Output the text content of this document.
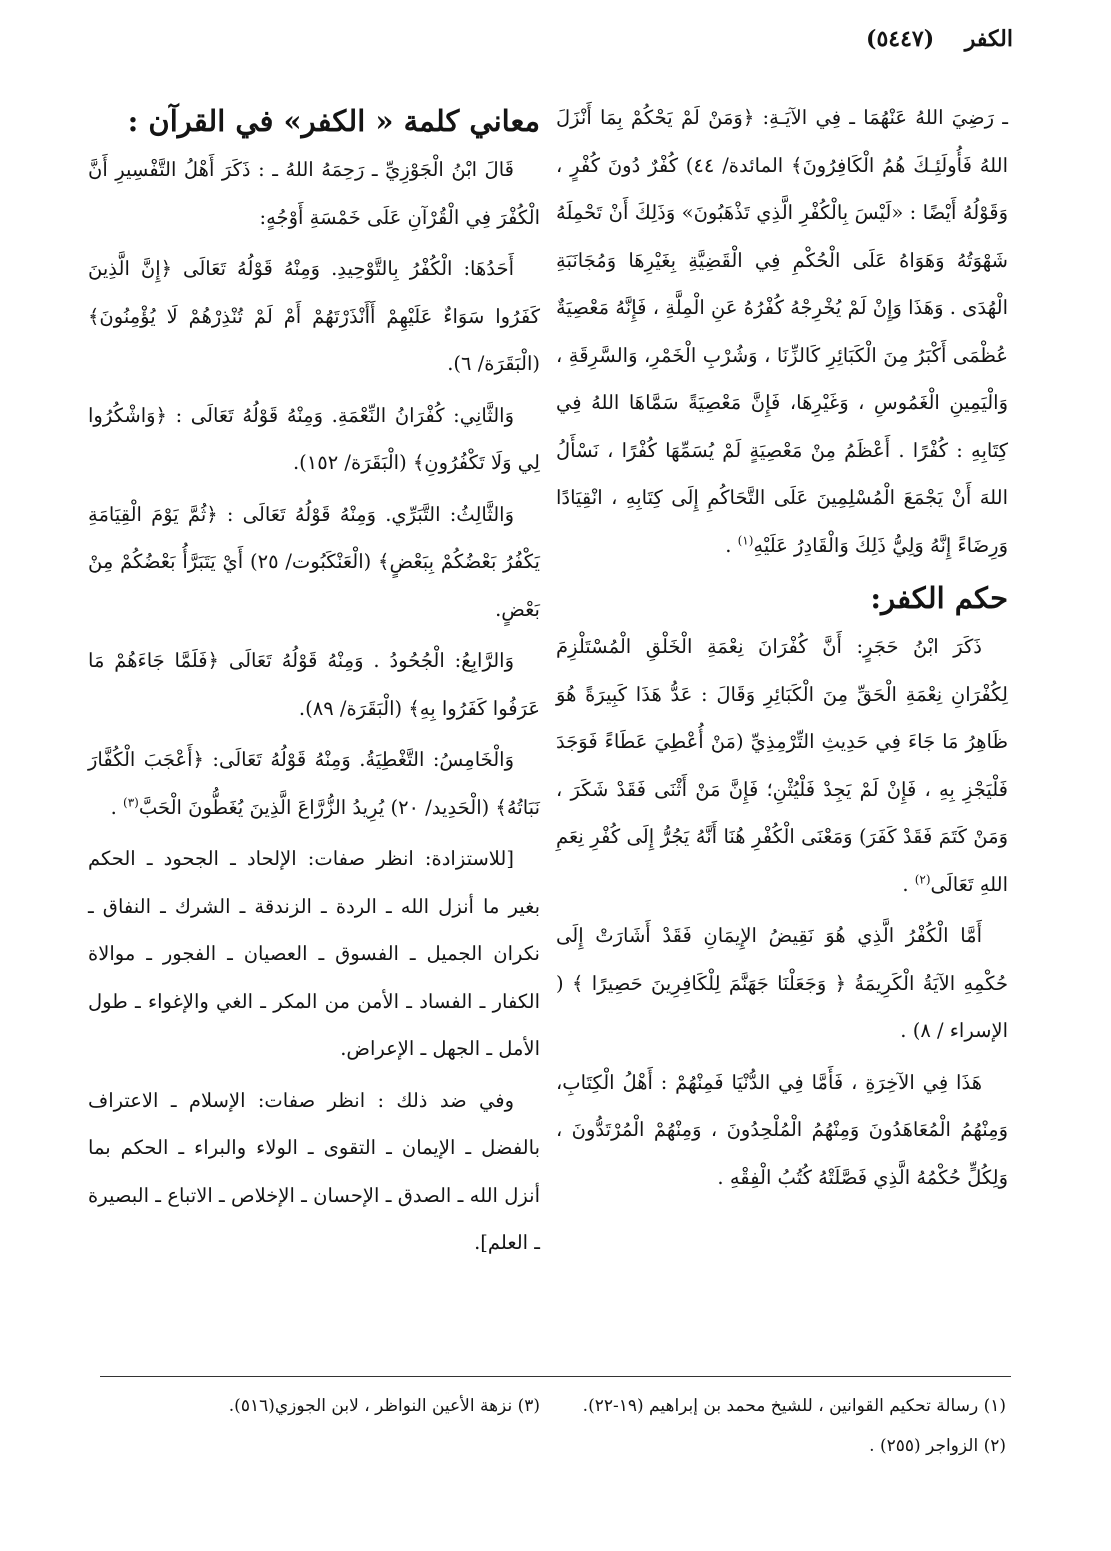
الكفر    (٥٤٤٧)

ـ رَضِيَ اللهُ عَنْهُمَا ـ فِي الآيَـةِ: ﴿وَمَنْ لَمْ يَحْكُمْ بِمَا أَنْزَلَ اللهُ فَأُولَئِـكَ هُمُ الْكَافِرُونَ﴾ المائدة/ ٤٤) كُفْرٌ دُونَ كُفْرٍ ، وَقَوْلُهُ أَيْضًا : «لَيْسَ بِالْكُفْرِ الَّذِي تَذْهَبُونَ» وَذَلِكَ أَنْ تَحْمِلَهُ شَهْوَتُهُ وَهَوَاهُ عَلَى الْحُكْمِ فِي الْقَضِيَّةِ بِغَيْرِهَا وَمُجَانَبَةِ الْهُدَى . وَهَذَا وَإِنْ لَمْ يُخْرِجْهُ كُفْرُهُ عَنِ الْمِلَّةِ ، فَإِنَّهُ مَعْصِيَةٌ عُظْمَى أَكْبَرُ مِنَ الْكَبَائِرِ كَالزِّنَا ، وَشُرْبِ الْخَمْرِ، وَالسَّرِقَةِ ، وَالْيَمِينِ الْغَمُوسِ ، وَغَيْرِهَا، فَإِنَّ مَعْصِيَةً سَمَّاهَا اللهُ فِي كِتَابِهِ : كُفْرًا . أَعْظَمُ مِنْ مَعْصِيَةٍ لَمْ يُسَمِّهَا كُفْرًا ، نَسْأَلُ اللهَ أَنْ يَجْمَعَ الْمُسْلِمِينَ عَلَى التَّحَاكُمِ إِلَى كِتَابِهِ ، انْقِيَادًا وَرِضَاءً إِنَّهُ وَلِيُّ ذَلِكَ وَالْقَادِرُ عَلَيْهِ$^{(١)}$ .

حكم الكفر:

ذَكَرَ ابْنُ حَجَرٍ: أَنَّ كُفْرَانَ نِعْمَةِ الْخَلْقِ الْمُسْتَلْزِمَ لِكُفْرَانِ نِعْمَةِ الْحَقِّ مِنَ الْكَبَائِرِ وَقَالَ : عَدُّ هَذَا كَبِيرَةً هُوَ ظَاهِرُ مَا جَاءَ فِي حَدِيثِ التِّرْمِذِيِّ (مَنْ أُعْطِيَ عَطَاءً فَوَجَدَ فَلْيَجْزِ بِهِ ، فَإِنْ لَمْ يَجِدْ فَلْيُثْنِ؛ فَإِنَّ مَنْ أَثْنَى فَقَدْ شَكَرَ ، وَمَنْ كَتَمَ فَقَدْ كَفَرَ) وَمَعْنَى الْكُفْرِ هُنَا أَنَّهُ يَجُرُّ إِلَى كُفْرِ نِعَمِ اللهِ تَعَالَى$^{(٢)}$ .

أَمَّا الْكُفْرُ الَّذِي هُوَ نَقِيضُ الإِيمَانِ فَقَدْ أَشَارَتْ إِلَى حُكْمِهِ الآيَةُ الْكَرِيمَةُ ﴿ وَجَعَلْنَا جَهَنَّمَ لِلْكَافِرِينَ حَصِيرًا ﴾ ( الإسراء / ٨) .

هَذَا فِي الآخِرَةِ ، فَأَمَّا فِي الدُّنْيَا فَمِنْهُمْ : أَهْلُ الْكِتَابِ، وَمِنْهُمُ الْمُعَاهَدُونَ وَمِنْهُمُ الْمُلْحِدُونَ ، وَمِنْهُمْ الْمُرْتَدُّونَ ، وَلِكُلٍّ حُكْمُهُ الَّذِي فَصَّلَتْهُ كُتُبُ الْفِقْهِ .

معاني كلمة « الكفر» في القرآن :

قَالَ ابْنُ الْجَوْزِيِّ ـ رَحِمَهُ اللهُ ـ : ذَكَرَ أَهْلُ التَّفْسِيرِ أَنَّ الْكُفْرَ فِي الْقُرْآنِ عَلَى خَمْسَةِ أَوْجُهٍ:

أَحَدُهَا: الْكُفْرُ بِالتَّوْحِيدِ. وَمِنْهُ قَوْلُهُ تَعَالَى ﴿إِنَّ الَّذِينَ كَفَرُوا سَوَاءٌ عَلَيْهِمْ أَأَنْذَرْتَهُمْ أَمْ لَمْ تُنْذِرْهُمْ لَا يُؤْمِنُونَ﴾ (الْبَقَرَة/ ٦).

وَالثَّانِي: كُفْرَانُ النِّعْمَةِ. وَمِنْهُ قَوْلُهُ تَعَالَى : ﴿وَاشْكُرُوا لِي وَلَا تَكْفُرُونِ﴾ (الْبَقَرَة/ ١٥٢).

وَالثَّالِثُ: التَّبَرِّي. وَمِنْهُ قَوْلُهُ تَعَالَى : ﴿ثُمَّ يَوْمَ الْقِيَامَةِ يَكْفُرُ بَعْضُكُمْ بِبَعْضٍ﴾ (الْعَنْكَبُوت/ ٢٥) أَيْ يَتَبَرَّأُ بَعْضُكُمْ مِنْ بَعْضٍ.

وَالرَّابِعُ: الْجُحُودُ . وَمِنْهُ قَوْلُهُ تَعَالَى ﴿فَلَمَّا جَاءَهُمْ مَا عَرَفُوا كَفَرُوا بِهِ﴾ (الْبَقَرَة/ ٨٩).

وَالْخَامِسُ: التَّغْطِيَةُ. وَمِنْهُ قَوْلُهُ تَعَالَى: ﴿أَعْجَبَ الْكُفَّارَ نَبَاتُهُ﴾ (الْحَدِيد/ ٢٠) يُرِيدُ الزُّرَّاعَ الَّذِينَ يُغَطُّونَ الْحَبَّ$^{(٣)}$ .

[للاستزادة: انظر صفات: الإلحاد ـ الجحود ـ الحكم بغير ما أنزل الله ـ الردة ـ الزندقة ـ الشرك ـ النفاق ـ نكران الجميل ـ الفسوق ـ العصيان ـ الفجور ـ موالاة الكفار ـ الفساد ـ الأمن من المكر ـ الغي والإغواء ـ طول الأمل ـ الجهل ـ الإعراض.

وفي ضد ذلك : انظر صفات: الإسلام ـ الاعتراف بالفضل ـ الإيمان ـ التقوى ـ الولاء والبراء ـ الحكم بما أنزل الله ـ الصدق ـ الإحسان ـ الإخلاص ـ الاتباع ـ البصيرة ـ العلم].

(١) رسالة تحكيم القوانين ، للشيخ محمد بن إبراهيم (١٩-٢٢).
(٢) الزواجر (٢٥٥) .
(٣) نزهة الأعين النواظر ، لابن الجوزي(٥١٦).
